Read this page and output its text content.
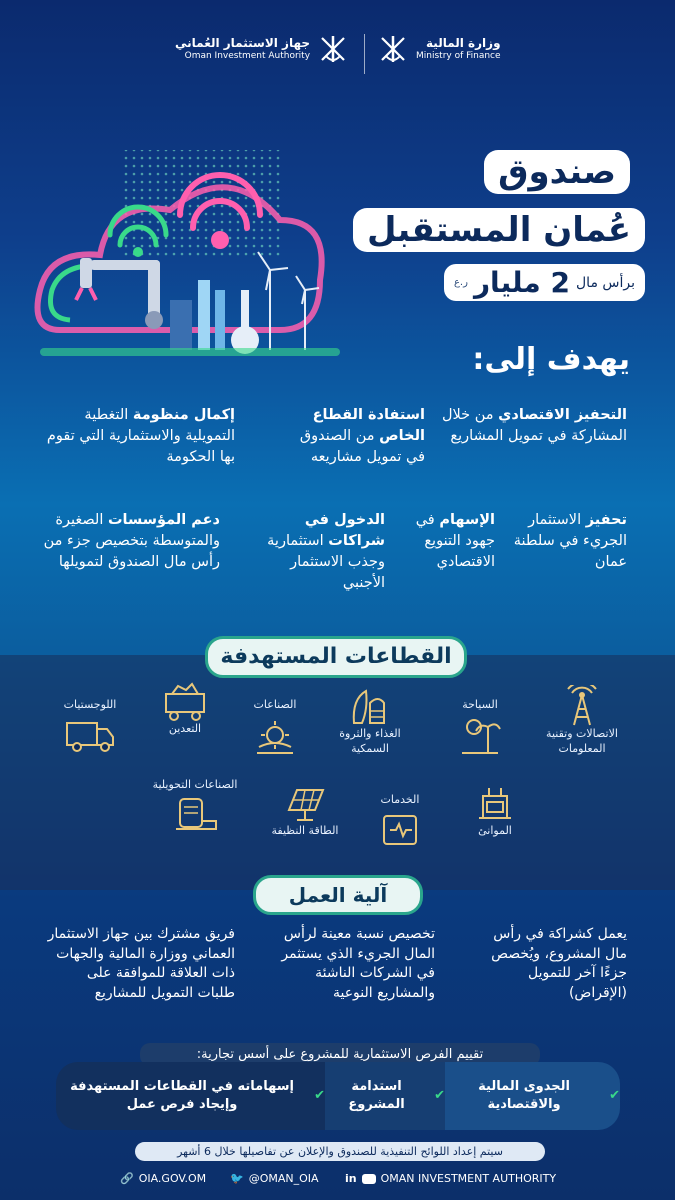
جهاز الاستثمار العُماني
Oman Investment Authority
وزارة المالية
Ministry of Finance
صندوق
عُمان المستقبل
برأس مال
2 مليار
ر.ع
يهدف إلى:
التحفيز الاقتصادي من خلال المشاركة في تمويل المشاريع
استفادة القطاع الخاص من الصندوق في تمويل مشاريعه
إكمال منظومة التغطية التمويلية والاستثمارية التي تقوم بها الحكومة
تحفيز الاستثمار الجريء في سلطنة عمان
الإسهام في جهود التنويع الاقتصادي
الدخول في شراكات استثمارية وجذب الاستثمار الأجنبي
دعم المؤسسات الصغيرة والمتوسطة بتخصيص جزء من رأس مال الصندوق لتمويلها
القطاعات المستهدفة
الاتصالات وتقنية المعلومات
السياحة
الغذاء والثروة السمكية
الصناعات
التعدين
اللوجستيات
الموانئ
الخدمات
الطاقة النظيفة
الصناعات التحويلية
آلية العمل
يعمل كشراكة في رأس مال المشروع، ويُخصص جزءًا آخر للتمويل (الإقراض)
تخصيص نسبة معينة لرأس المال الجريء الذي يستثمر في الشركات الناشئة والمشاريع النوعية
فريق مشترك بين جهاز الاستثمار العماني ووزارة المالية والجهات ذات العلاقة للموافقة على طلبات التمويل للمشاريع
تقييم الفرص الاستثمارية للمشروع على أسس تجارية:
✔
الجدوى المالية والاقتصادية
✔
استدامة المشروع
✔
إسهاماته في القطاعات المستهدفة وإيجاد فرص عمل
سيتم إعداد اللوائح التنفيذية للصندوق والإعلان عن تفاصيلها خلال 6 أشهر
in OMAN INVESTMENT AUTHORITY
🐦 @OMAN_OIA
🔗 OIA.GOV.OM
